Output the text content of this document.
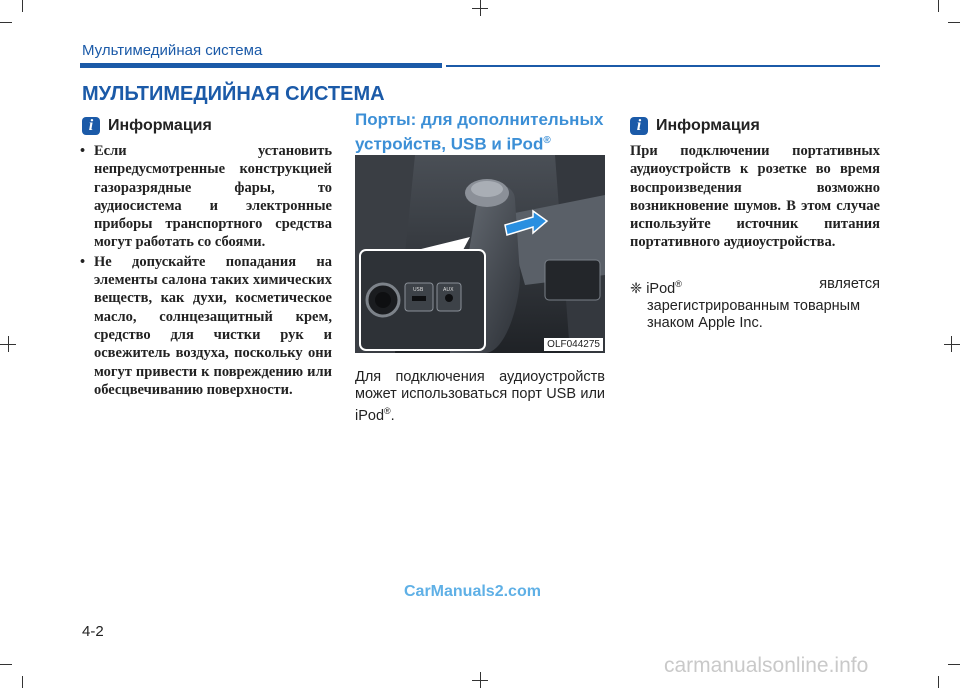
Мультимедийная система
МУЛЬТИМЕДИЙНАЯ СИСТЕМА
i Информация
• Если установить непредусмотренные конструкцией газоразрядные фары, то аудиосистема и электронные приборы транспортного средства могут работать со сбоями.
• Не допускайте попадания на элементы салона таких химических веществ, как духи, косметическое масло, солнцезащитный крем, средство для чистки рук и освежитель воздуха, поскольку они могут привести к повреждению или обесцвечиванию поверхности.
Порты: для дополнительных
устройств, USB и iPod®
USB	AUX
OLF044275
Для подключения аудиоустройств может использоваться порт USB или iPod®.
i Информация
При подключении портативных аудиоустройств к розетке во время воспроизведения возможно возникновение шумов. В этом случае используйте источник питания портативного аудиоустройства.
❈ iPod®	является
зарегистрированным товарным знаком Apple Inc.
CarManuals2.com
4-2
carmanualsonline.info
